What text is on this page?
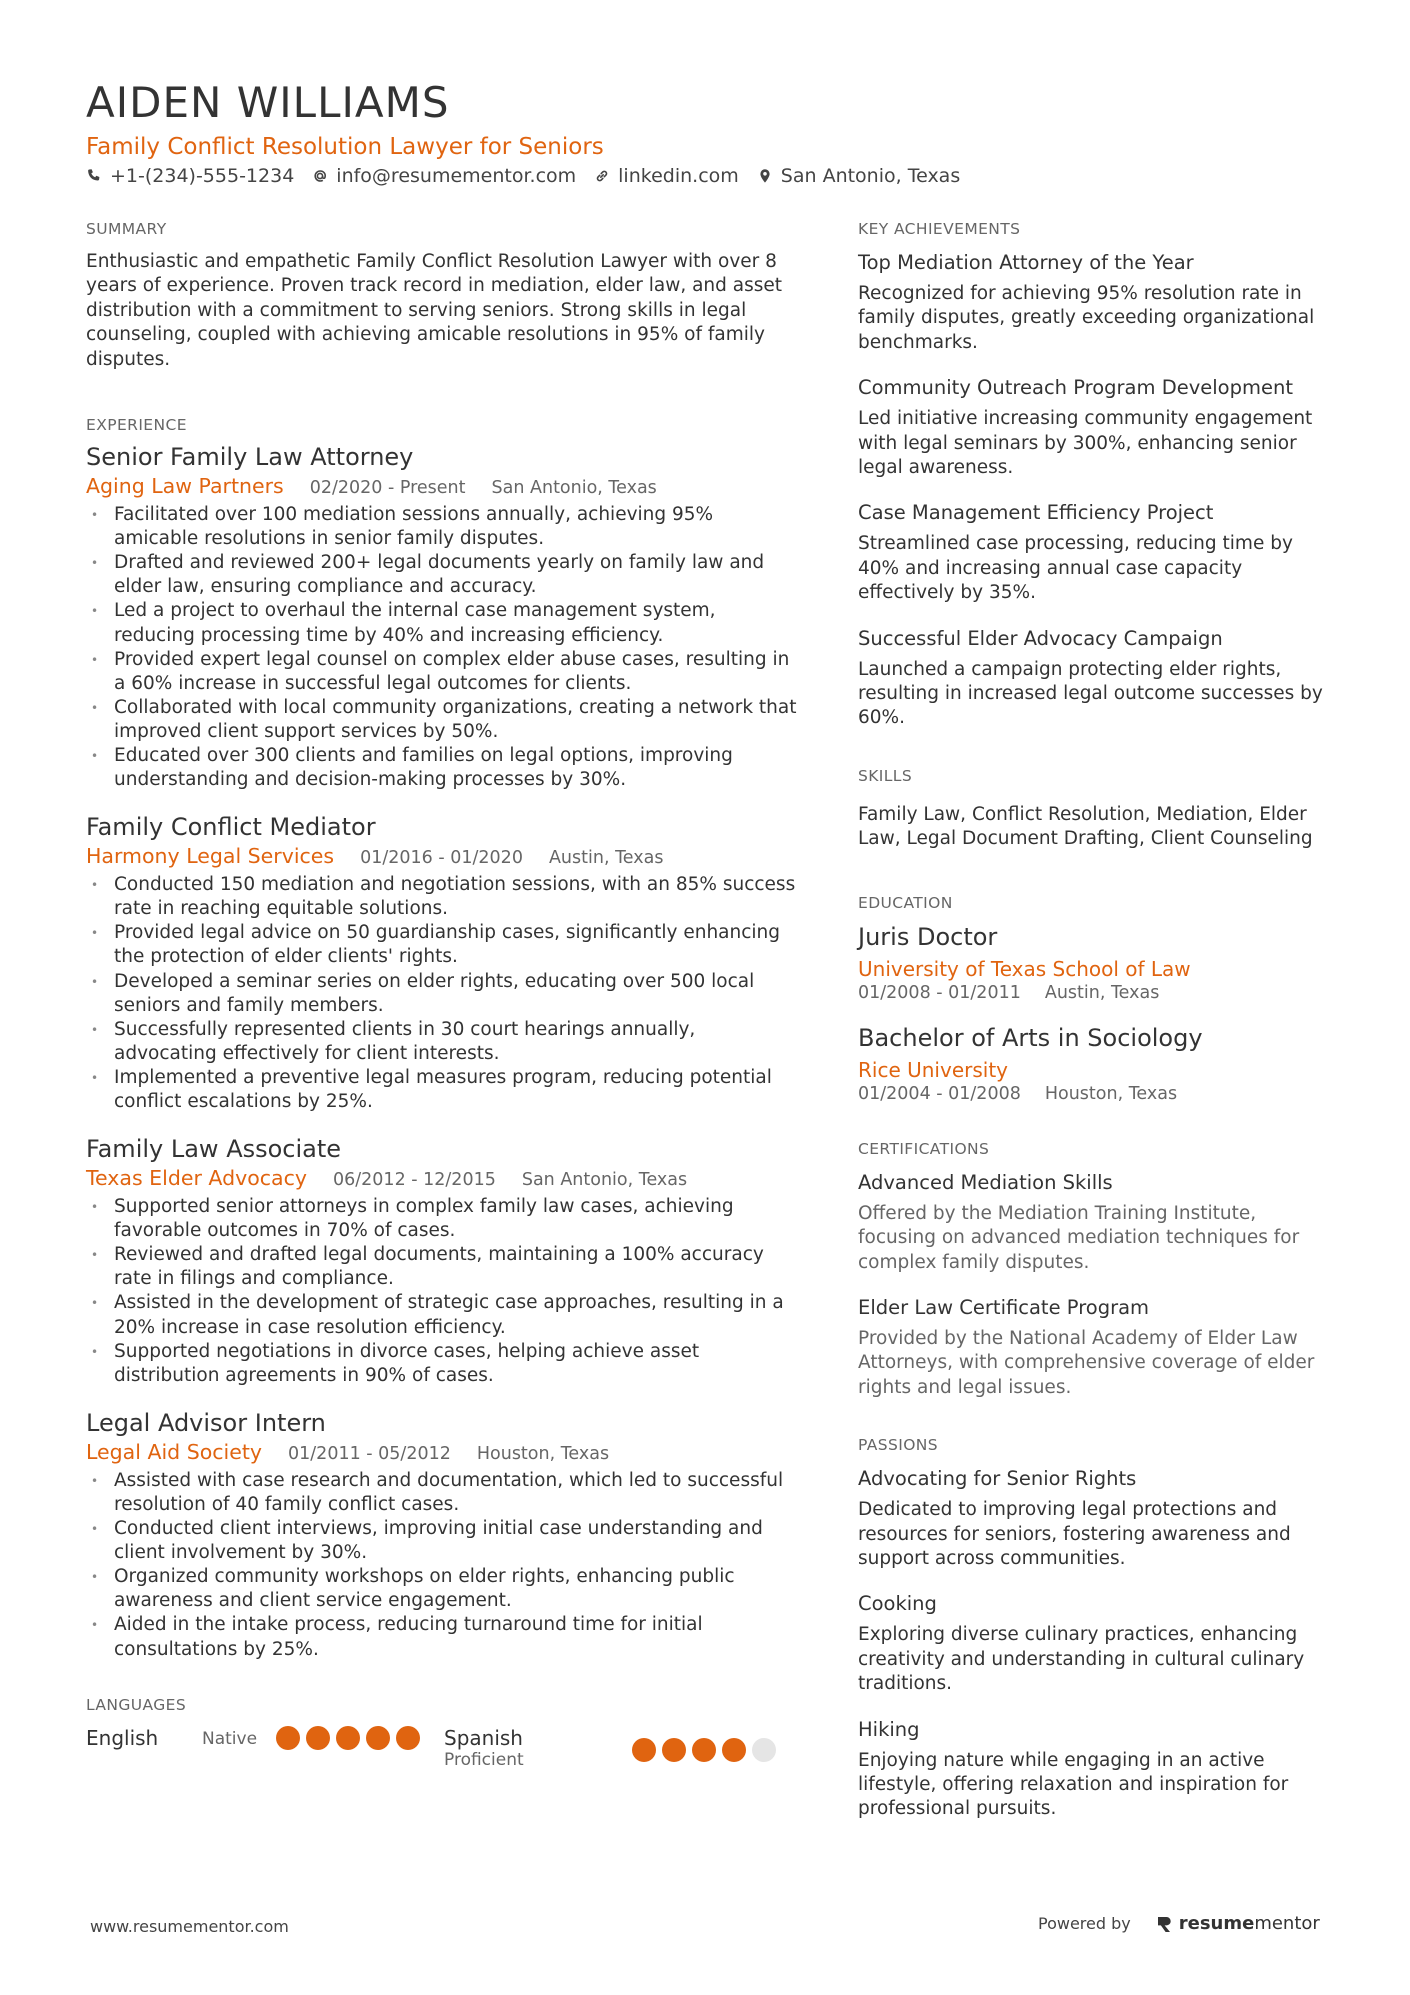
AIDEN WILLIAMS
Family Conflict Resolution Lawyer for Seniors
+1-(234)-555-1234 info@resumementor.com linkedin.com San Antonio, Texas
SUMMARY
Enthusiastic and empathetic Family Conflict Resolution Lawyer with over 8 years of experience. Proven track record in mediation, elder law, and asset distribution with a commitment to serving seniors. Strong skills in legal counseling, coupled with achieving amicable resolutions in 95% of family disputes.
EXPERIENCE
Senior Family Law Attorney
Aging Law Partners 02/2020 - Present San Antonio, Texas
• Facilitated over 100 mediation sessions annually, achieving 95% amicable resolutions in senior family disputes.
• Drafted and reviewed 200+ legal documents yearly on family law and elder law, ensuring compliance and accuracy.
• Led a project to overhaul the internal case management system, reducing processing time by 40% and increasing efficiency.
• Provided expert legal counsel on complex elder abuse cases, resulting in a 60% increase in successful legal outcomes for clients.
• Collaborated with local community organizations, creating a network that improved client support services by 50%.
• Educated over 300 clients and families on legal options, improving understanding and decision-making processes by 30%.
Family Conflict Mediator
Harmony Legal Services 01/2016 - 01/2020 Austin, Texas
• Conducted 150 mediation and negotiation sessions, with an 85% success rate in reaching equitable solutions.
• Provided legal advice on 50 guardianship cases, significantly enhancing the protection of elder clients' rights.
• Developed a seminar series on elder rights, educating over 500 local seniors and family members.
• Successfully represented clients in 30 court hearings annually, advocating effectively for client interests.
• Implemented a preventive legal measures program, reducing potential conflict escalations by 25%.
Family Law Associate
Texas Elder Advocacy 06/2012 - 12/2015 San Antonio, Texas
• Supported senior attorneys in complex family law cases, achieving favorable outcomes in 70% of cases.
• Reviewed and drafted legal documents, maintaining a 100% accuracy rate in filings and compliance.
• Assisted in the development of strategic case approaches, resulting in a 20% increase in case resolution efficiency.
• Supported negotiations in divorce cases, helping achieve asset distribution agreements in 90% of cases.
Legal Advisor Intern
Legal Aid Society 01/2011 - 05/2012 Houston, Texas
• Assisted with case research and documentation, which led to successful resolution of 40 family conflict cases.
• Conducted client interviews, improving initial case understanding and client involvement by 30%.
• Organized community workshops on elder rights, enhancing public awareness and client service engagement.
• Aided in the intake process, reducing turnaround time for initial consultations by 25%.
LANGUAGES
English	Native	Spanish
Proficient
KEY ACHIEVEMENTS
Top Mediation Attorney of the Year
Recognized for achieving 95% resolution rate in family disputes, greatly exceeding organizational benchmarks.
Community Outreach Program Development
Led initiative increasing community engagement with legal seminars by 300%, enhancing senior legal awareness.
Case Management Efficiency Project
Streamlined case processing, reducing time by 40% and increasing annual case capacity effectively by 35%.
Successful Elder Advocacy Campaign
Launched a campaign protecting elder rights, resulting in increased legal outcome successes by 60%.
SKILLS
Family Law, Conflict Resolution, Mediation, Elder Law, Legal Document Drafting, Client Counseling
EDUCATION
Juris Doctor
University of Texas School of Law
01/2008 - 01/2011 Austin, Texas
Bachelor of Arts in Sociology
Rice University
01/2004 - 01/2008 Houston, Texas
CERTIFICATIONS
Advanced Mediation Skills
Offered by the Mediation Training Institute, focusing on advanced mediation techniques for complex family disputes.
Elder Law Certificate Program
Provided by the National Academy of Elder Law Attorneys, with comprehensive coverage of elder rights and legal issues.
PASSIONS
Advocating for Senior Rights
Dedicated to improving legal protections and resources for seniors, fostering awareness and support across communities.
Cooking
Exploring diverse culinary practices, enhancing creativity and understanding in cultural culinary traditions.
Hiking
Enjoying nature while engaging in an active lifestyle, offering relaxation and inspiration for professional pursuits.
www.resumementor.com	Powered by	resumementor
